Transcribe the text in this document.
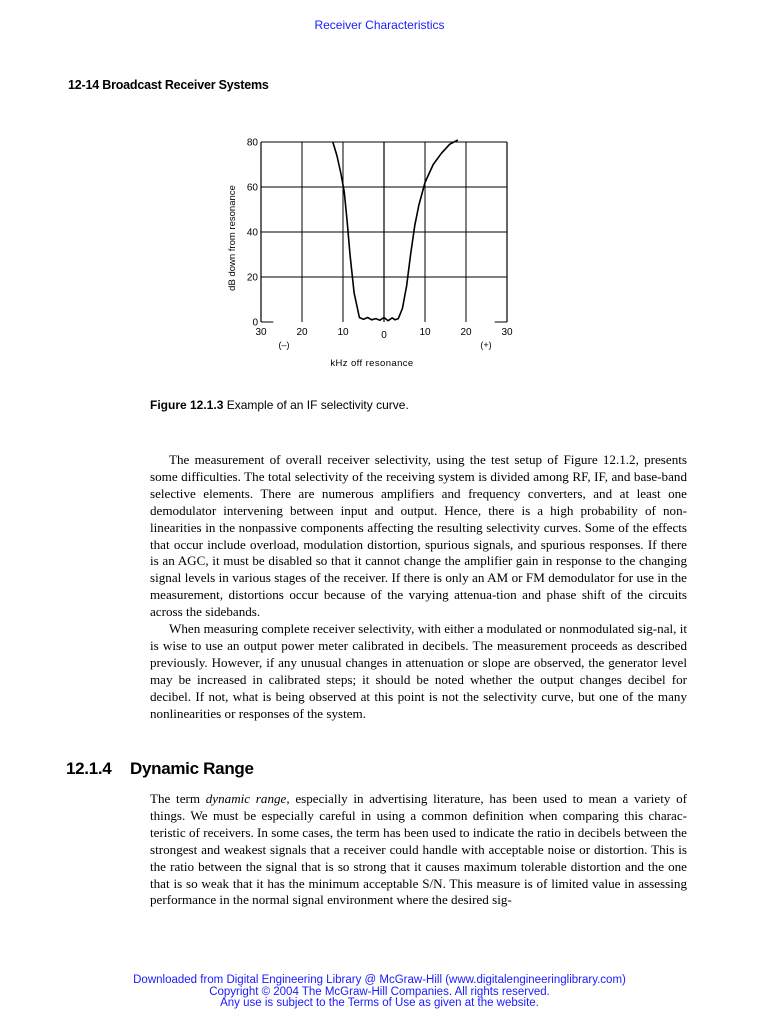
Receiver Characteristics
12-14 Broadcast Receiver Systems
dB down from resonance
kHz off resonance
(–)	(+)
80
60
40
20
0
30	20	10	0	10	20	30
Figure 12.1.3 Example of an IF selectivity curve.

The measurement of overall receiver selectivity, using the test setup of Figure 12.1.2, presents some difficulties. The total selectivity of the receiving system is divided among RF, IF, and base-band selective elements. There are numerous amplifiers and frequency converters, and at least one demodulator intervening between input and output. Hence, there is a high probability of non-linearities in the nonpassive components affecting the resulting selectivity curves. Some of the effects that occur include overload, modulation distortion, spurious signals, and spurious responses. If there is an AGC, it must be disabled so that it cannot change the amplifier gain in response to the changing signal levels in various stages of the receiver. If there is only an AM or FM demodulator for use in the measurement, distortions occur because of the varying attenua-tion and phase shift of the circuits across the sidebands.

When measuring complete receiver selectivity, with either a modulated or nonmodulated sig-nal, it is wise to use an output power meter calibrated in decibels. The measurement proceeds as described previously. However, if any unusual changes in attenuation or slope are observed, the generator level may be increased in calibrated steps; it should be noted whether the output changes decibel for decibel. If not, what is being observed at this point is not the selectivity curve, but one of the many nonlinearities or responses of the system.

12.1.4 Dynamic Range

The term dynamic range, especially in advertising literature, has been used to mean a variety of things. We must be especially careful in using a common definition when comparing this charac-teristic of receivers. In some cases, the term has been used to indicate the ratio in decibels between the strongest and weakest signals that a receiver could handle with acceptable noise or distortion. This is the ratio between the signal that is so strong that it causes maximum tolerable distortion and the one that is so weak that it has the minimum acceptable S/N. This measure is of limited value in assessing performance in the normal signal environment where the desired sig-

Downloaded from Digital Engineering Library @ McGraw-Hill (www.digitalengineeringlibrary.com)
Copyright © 2004 The McGraw-Hill Companies. All rights reserved.
Any use is subject to the Terms of Use as given at the website.
